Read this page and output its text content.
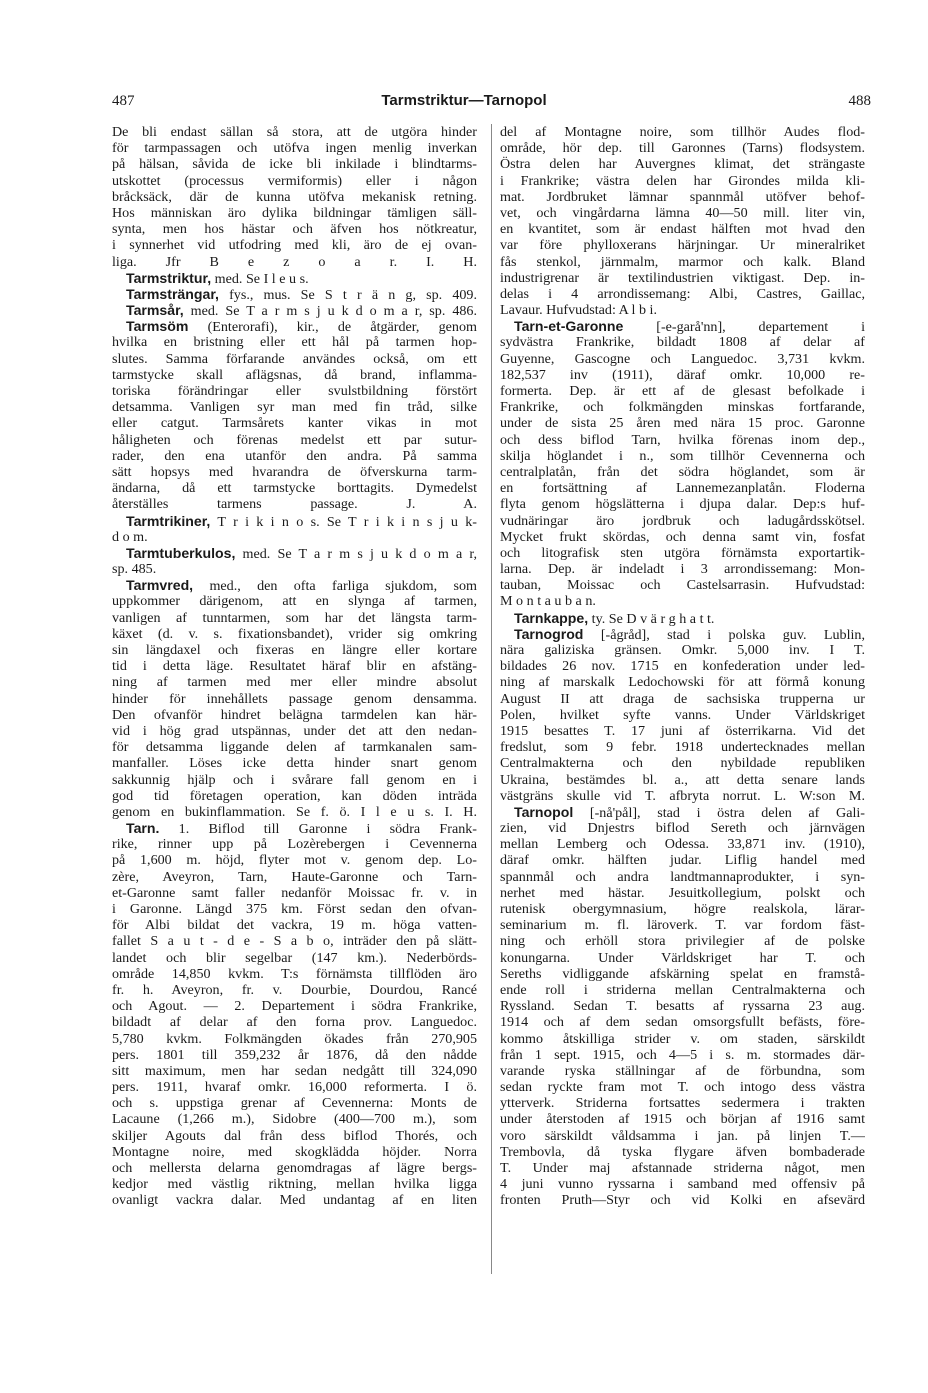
487	Tarmstriktur—Tarnopol	488
De bli endast sällan så stora, att de utgöra hinder
för tarmpassagen och utöfva ingen menlig inverkan
på hälsan, såvida de icke bli inkilade i blindtarms-
utskottet (processus vermiformis) eller i någon
bråcksäck, där de kunna utöfva mekanisk retning.
Hos människan äro dylika bildningar tämligen säll-
synta, men hos hästar och äfven hos nötkreatur,
i synnerhet vid utfodring med kli, äro de ej ovan-
liga. Jfr B e z o a r. I. H.
Tarmstriktur, med. Se I l e u s.
Tarmsträngar, fys., mus. Se S t r ä n g, sp. 409.
Tarmsår, med. Se T a r m s j u k d o m a r, sp. 486.
Tarmsöm (Enterorafi), kir., de åtgärder, genom
hvilka en bristning eller ett hål på tarmen hop-
slutes. Samma förfarande användes också, om ett
tarmstycke skall aflägsnas, då brand, inflamma-
toriska förändringar eller svulstbildning förstört
detsamma. Vanligen syr man med fin tråd, silke
eller catgut. Tarmsårets kanter vikas in mot
håligheten och förenas medelst ett par sutur-
rader, den ena utanför den andra. På samma
sätt hopsys med hvarandra de öfverskurna tarm-
ändarna, då ett tarmstycke borttagits. Dymedelst
återställes tarmens passage. J. A.
Tarmtrikiner, T r i k i n o s. Se T r i k i n s j u k-
d o m.
Tarmtuberkulos, med. Se T a r m s j u k d o m a r,
sp. 485.
Tarmvred, med., den ofta farliga sjukdom, som
uppkommer därigenom, att en slynga af tarmen,
vanligen af tunntarmen, som har det längsta tarm-
käxet (d. v. s. fixationsbandet), vrider sig omkring
sin längdaxel och fixeras en längre eller kortare
tid i detta läge. Resultatet häraf blir en afstäng-
ning af tarmen med mer eller mindre absolut
hinder för innehållets passage genom densamma.
Den ofvanför hindret belägna tarmdelen kan här-
vid i hög grad utspännas, under det att den nedan-
för detsamma liggande delen af tarmkanalen sam-
manfaller. Löses icke detta hinder snart genom
sakkunnig hjälp och i svårare fall genom en i
god tid företagen operation, kan döden inträda
genom en bukinflammation. Se f. ö. I l e u s. I. H.
Tarn. 1. Biflod till Garonne i södra Frank-
rike, rinner upp på Lozèrebergen i Cevennerna
på 1,600 m. höjd, flyter mot v. genom dep. Lo-
zère, Aveyron, Tarn, Haute-Garonne och Tarn-
et-Garonne samt faller nedanför Moissac fr. v. in
i Garonne. Längd 375 km. Först sedan den ofvan-
för Albi bildat det vackra, 19 m. höga vatten-
fallet S a u t - d e - S a b o, inträder den på slätt-
landet och blir segelbar (147 km.). Nederbörds-
område 14,850 kvkm. T:s förnämsta tillflöden äro
fr. h. Aveyron, fr. v. Dourbie, Dourdou, Rancé
och Agout. — 2. Departement i södra Frankrike,
bildadt af delar af den forna prov. Languedoc.
5,780 kvkm. Folkmängden ökades från 270,905
pers. 1801 till 359,232 år 1876, då den nådde
sitt maximum, men har sedan nedgått till 324,090
pers. 1911, hvaraf omkr. 16,000 reformerta. I ö.
och s. uppstiga grenar af Cevennerna: Monts de
Lacaune (1,266 m.), Sidobre (400—700 m.), som
skiljer Agouts dal från dess biflod Thorés, och
Montagne noire, med skogklädda höjder. Norra
och mellersta delarna genomdragas af lägre bergs-
kedjor med västlig riktning, mellan hvilka ligga
ovanligt vackra dalar. Med undantag af en liten
del af Montagne noire, som tillhör Audes flod-
område, hör dep. till Garonnes (Tarns) flodsystem.
Östra delen har Auvergnes klimat, det strängaste
i Frankrike; västra delen har Girondes milda kli-
mat. Jordbruket lämnar spannmål utöfver behof-
vet, och vingårdarna lämna 40—50 mill. liter vin,
en kvantitet, som är endast hälften mot hvad den
var före phylloxerans härjningar. Ur mineralriket
fås stenkol, järnmalm, marmor och kalk. Bland
industrigrenar är textilindustrien viktigast. Dep. in-
delas i 4 arrondissemang: Albi, Castres, Gaillac,
Lavaur. Hufvudstad: A l b i.
Tarn-et-Garonne [-e-garå'nn], departement i
sydvästra Frankrike, bildadt 1808 af delar af
Guyenne, Gascogne och Languedoc. 3,731 kvkm.
182,537 inv (1911), däraf omkr. 10,000 re-
formerta. Dep. är ett af de glesast befolkade i
Frankrike, och folkmängden minskas fortfarande,
under de sista 25 åren med nära 15 proc. Garonne
och dess biflod Tarn, hvilka förenas inom dep.,
skilja höglandet i n., som tillhör Cevennerna och
centralplatån, från det södra höglandet, som är
en fortsättning af Lannemezanplatån. Floderna
flyta genom högslätterna i djupa dalar. Dep:s huf-
vudnäringar äro jordbruk och ladugårdsskötsel.
Mycket frukt skördas, och denna samt vin, fosfat
och litografisk sten utgöra förnämsta exportartik-
larna. Dep. är indeladt i 3 arrondissemang: Mon-
tauban, Moissac och Castelsarrasin. Hufvudstad:
M o n t a u b a n.
Tarnkappe, ty. Se D v ä r g h a t t.
Tarnogrod [-ågråd], stad i polska guv. Lublin,
nära galiziska gränsen. Omkr. 5,000 inv. I T.
bildades 26 nov. 1715 en konfederation under led-
ning af marskalk Ledochowski för att förmå konung
August II att draga de sachsiska trupperna ur
Polen, hvilket syfte vanns. Under Världskriget
1915 besattes T. 17 juni af österrikarna. Vid det
fredslut, som 9 febr. 1918 undertecknades mellan
Centralmakterna och den nybildade republiken
Ukraina, bestämdes bl. a., att detta senare lands
västgräns skulle vid T. afbryta norrut. L. W:son M.
Tarnopol [-nå'pål], stad i östra delen af Gali-
zien, vid Dnjestrs biflod Sereth och järnvägen
mellan Lemberg och Odessa. 33,871 inv. (1910),
däraf omkr. hälften judar. Liflig handel med
spannmål och andra landtmannaprodukter, i syn-
nerhet med hästar. Jesuitkollegium, polskt och
rutenisk obergymnasium, högre realskola, lärar-
seminarium m. fl. läroverk. T. var fordom fäst-
ning och erhöll stora privilegier af de polske
konungarna. Under Världskriget har T. och
Sereths vidliggande afskärning spelat en framstå-
ende roll i striderna mellan Centralmakterna och
Ryssland. Sedan T. besatts af ryssarna 23 aug.
1914 och af dem sedan omsorgsfullt befästs, före-
kommo åtskilliga strider v. om staden, särskildt
från 1 sept. 1915, och 4—5 i s. m. stormades där-
varande ryska ställningar af de förbundna, som
sedan ryckte fram mot T. och intogo dess västra
ytterverk. Striderna fortsattes sedermera i trakten
under återstoden af 1915 och början af 1916 samt
voro särskildt våldsamma i jan. på linjen T.—
Trembovla, då tyska flygare äfven bombaderade
T. Under maj afstannade striderna något, men
4 juni vunno ryssarna i samband med offensiv på
fronten Pruth—Styr och vid Kolki en afsevärd
